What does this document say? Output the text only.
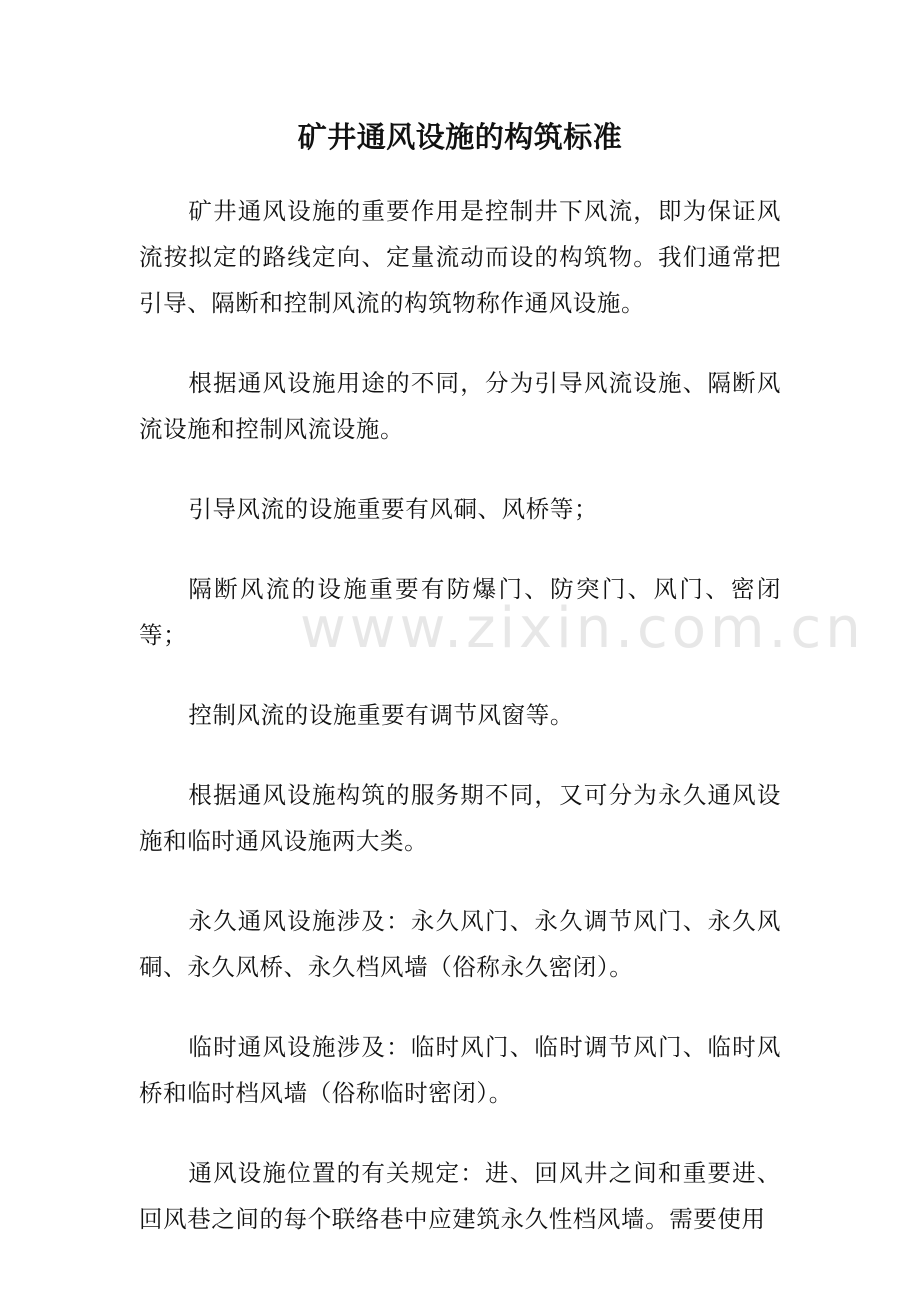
矿井通风设施的构筑标准

矿井通风设施的重要作用是控制井下风流，即为保证风流按拟定的路线定向、定量流动而设的构筑物。我们通常把引导、隔断和控制风流的构筑物称作通风设施。

根据通风设施用途的不同，分为引导风流设施、隔断风流设施和控制风流设施。

引导风流的设施重要有风硐、风桥等；

隔断风流的设施重要有防爆门、防突门、风门、密闭等；

控制风流的设施重要有调节风窗等。

根据通风设施构筑的服务期不同，又可分为永久通风设施和临时通风设施两大类。

永久通风设施涉及：永久风门、永久调节风门、永久风硐、永久风桥、永久档风墙（俗称永久密闭）。

临时通风设施涉及：临时风门、临时调节风门、临时风桥和临时档风墙（俗称临时密闭）。

通风设施位置的有关规定：进、回风井之间和重要进、回风巷之间的每个联络巷中应建筑永久性档风墙。需要使用

www.zixin.com.cn
